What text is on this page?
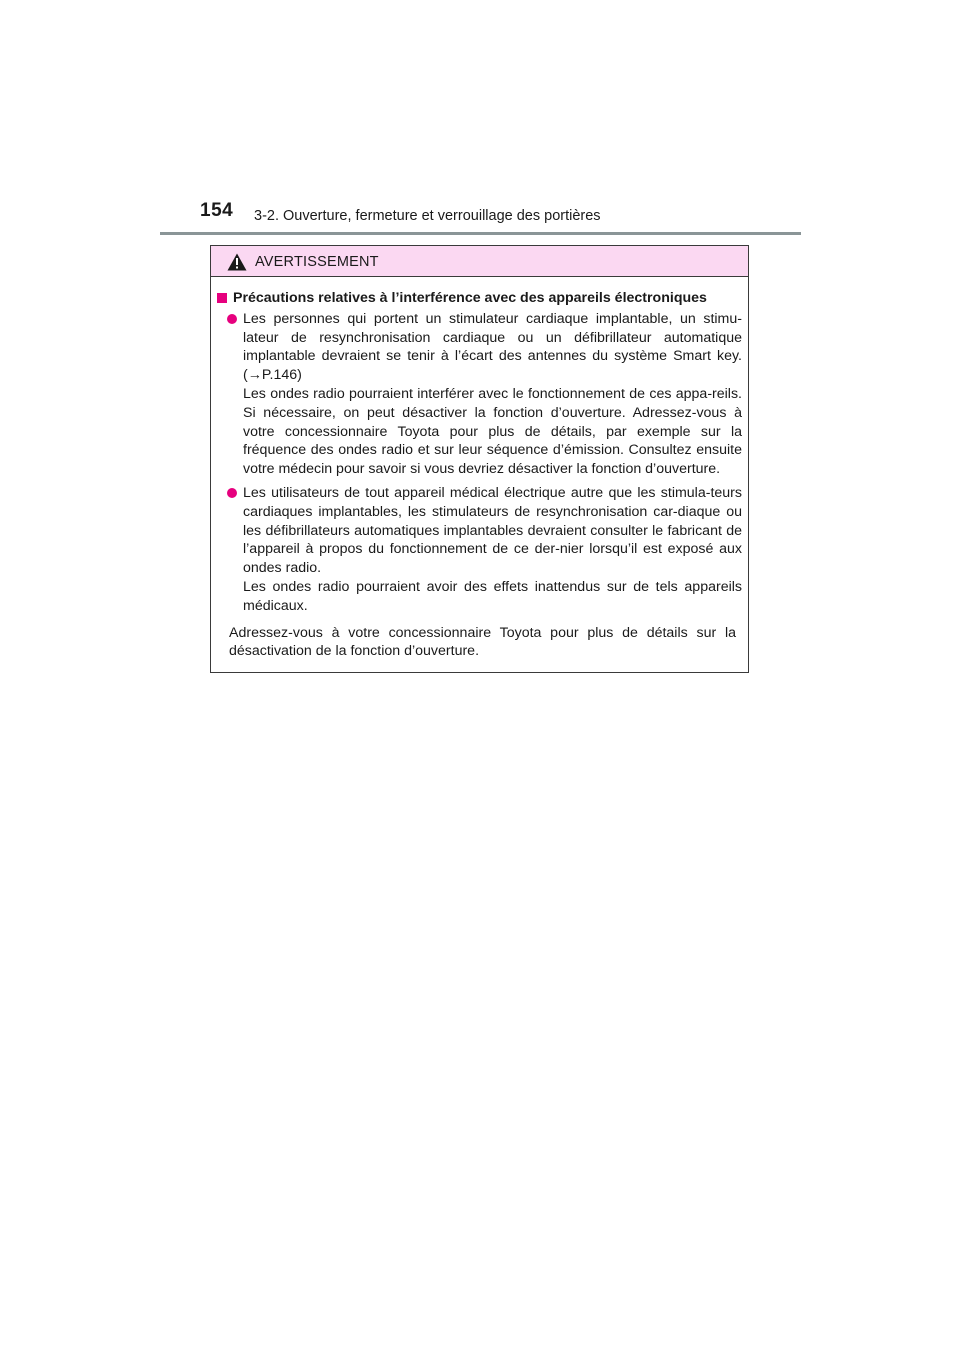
154 3-2. Ouverture, fermeture et verrouillage des portières
AVERTISSEMENT
Précautions relatives à l’interférence avec des appareils électroniques
Les personnes qui portent un stimulateur cardiaque implantable, un stimu-lateur de resynchronisation cardiaque ou un défibrillateur automatique implantable devraient se tenir à l’écart des antennes du système Smart key. (→P.146)
Les ondes radio pourraient interférer avec le fonctionnement de ces appa-reils. Si nécessaire, on peut désactiver la fonction d’ouverture. Adressez-vous à votre concessionnaire Toyota pour plus de détails, par exemple sur la fréquence des ondes radio et sur leur séquence d’émission. Consultez ensuite votre médecin pour savoir si vous devriez désactiver la fonction d’ouverture.
Les utilisateurs de tout appareil médical électrique autre que les stimula-teurs cardiaques implantables, les stimulateurs de resynchronisation car-diaque ou les défibrillateurs automatiques implantables devraient consulter le fabricant de l’appareil à propos du fonctionnement de ce der-nier lorsqu’il est exposé aux ondes radio.
Les ondes radio pourraient avoir des effets inattendus sur de tels appareils médicaux.
Adressez-vous à votre concessionnaire Toyota pour plus de détails sur la désactivation de la fonction d’ouverture.
